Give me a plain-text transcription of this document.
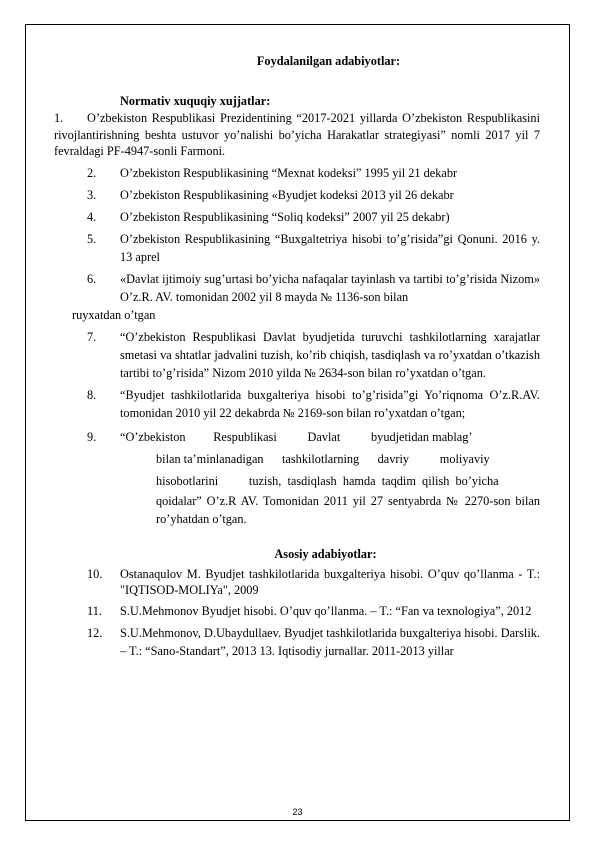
Foydalanilgan adabiyotlar:
Normativ xuquqiy xujjatlar:
1. O’zbekiston Respublikasi Prezidentining “2017-2021 yillarda O’zbekiston Respublikasini rivojlantirishning beshta ustuvor yo’nalishi bo’yicha Harakatlar strategiyasi” nomli 2017 yil 7 fevraldagi PF-4947-sonli Farmoni.
2. O’zbekiston Respublikasining “Mexnat kodeksi” 1995 yil 21 dekabr
3. O’zbekiston Respublikasining «Byudjet kodeksi 2013 yil 26 dekabr
4. O’zbekiston Respublikasining “Soliq kodeksi” 2007 yil 25 dekabr)
5. O’zbekiston Respublikasining “Buxgaltetriya hisobi to’g’risida”gi Qonuni. 2016 y. 13 aprel
6. «Davlat ijtimoiy sug’urtasi bo’yicha nafaqalar tayinlash va tartibi to’g’risida Nizom» O’z.R. AV. tomonidan 2002 yil 8 mayda № 1136-son bilan
ruyxatdan o’tgan
7. “O’zbekiston Respublikasi Davlat byudjetida turuvchi tashkilotlarning xarajatlar smetasi va shtatlar jadvalini tuzish, ko’rib chiqish, tasdiqlash va ro’yxatdan o’tkazish tartibi to’g’risida” Nizom 2010 yilda № 2634-son bilan ro’yxatdan o’tgan.
8. “Byudjet tashkilotlarida buxgalteriya hisobi to’g’risida”gi Yo’riqnoma O’z.R.AV. tomonidan 2010 yil 22 dekabrda № 2169-son bilan ro’yxatdan o’tgan;
9. “O’zbekiston         Respublikasi          Davlat          byudjetidan mablag’
bilan ta’minlanadigan      tashkilotlarning      davriy          moliyaviy
hisobotlarini          tuzish,  tasdiqlash  hamda  taqdim  qilish  bo’yicha
qoidalar” O’z.R AV. Tomonidan 2011 yil 27 sentyabrda № 2270-son bilan ro’yhatdan o’tgan.
Asosiy adabiyotlar:
10. Ostanaqulov M. Byudjet tashkilotlarida buxgalteriya hisobi. O’quv qo’llanma - T.: "IQTISOD-MOLIYa", 2009
11. S.U.Mehmonov Byudjet hisobi. O’quv qo’llanma. – T.: “Fan va texnologiya”, 2012
12. S.U.Mehmonov, D.Ubaydullaev. Byudjet tashkilotlarida buxgalteriya hisobi. Darslik. – T.: “Sano-Standart”, 2013 13. Iqtisodiy jurnallar. 2011-2013 yillar
23
